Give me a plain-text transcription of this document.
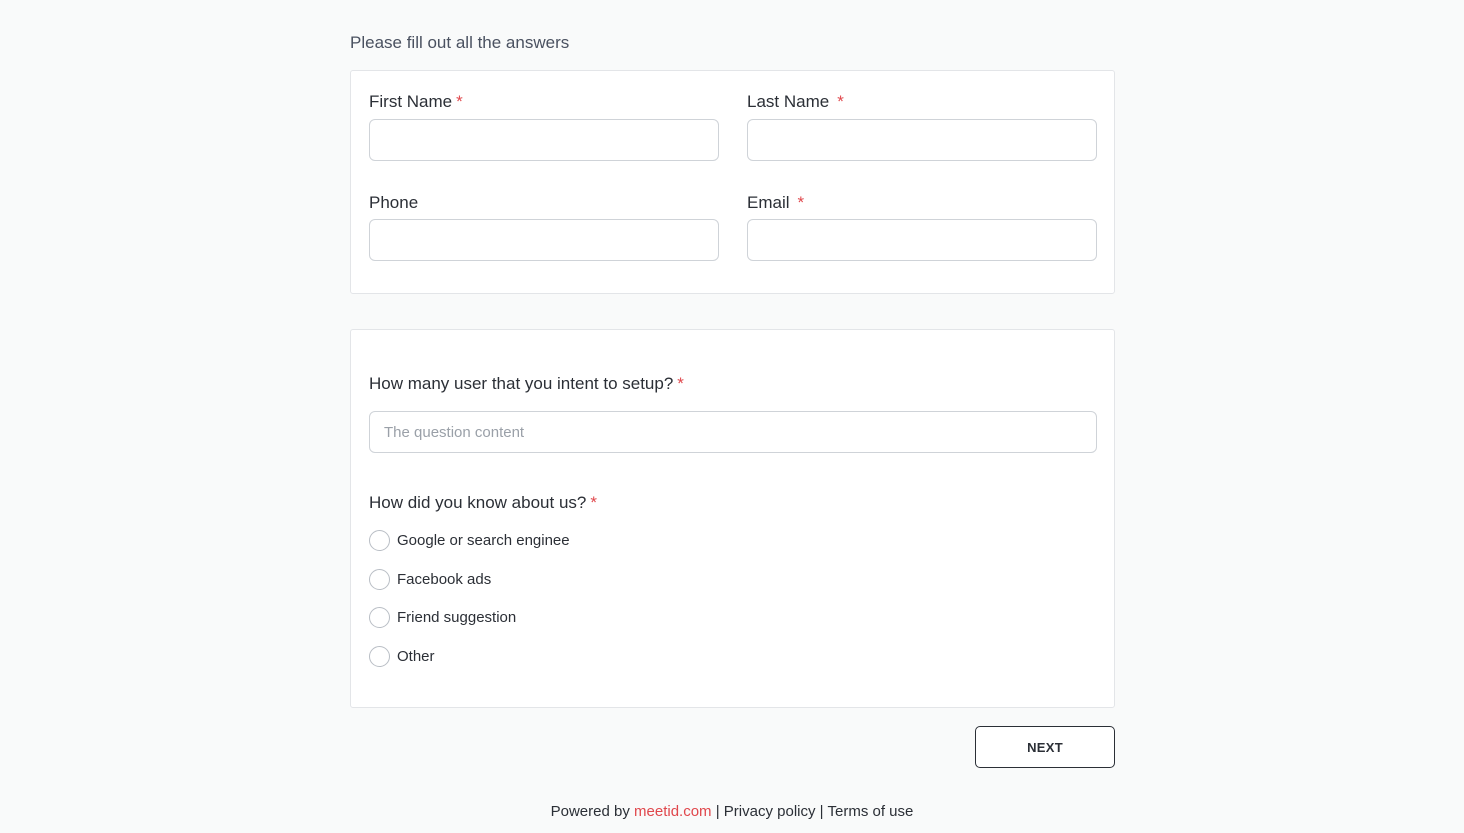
Please fill out all the answers
First Name *	Last Name *
Phone	Email *
How many user that you intent to setup? *
The question content
How did you know about us? *
Google or search enginee
Facebook ads
Friend suggestion
Other
NEXT
Powered by meetid.com | Privacy policy | Terms of use
